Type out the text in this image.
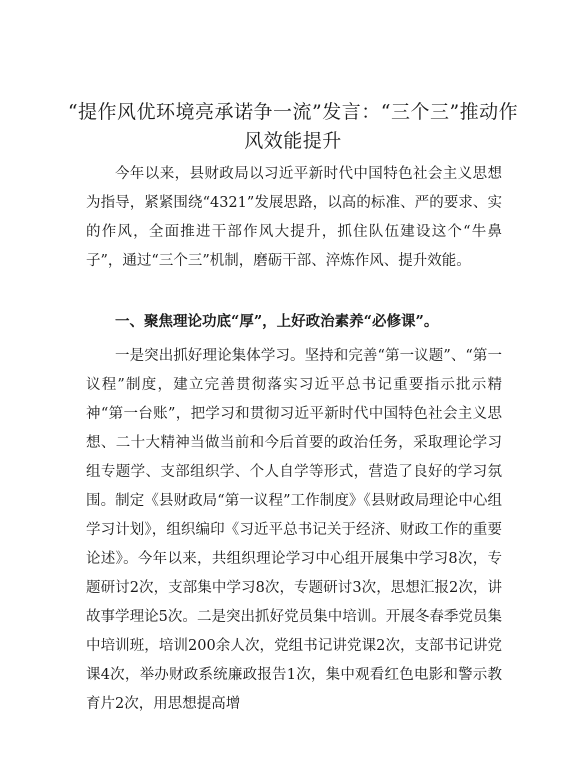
“提作风优环境亮承诺争一流”发言：“三个三”推动作风效能提升

今年以来，县财政局以习近平新时代中国特色社会主义思想为指导，紧紧围绕“4321”发展思路，以高的标准、严的要求、实的作风，全面推进干部作风大提升，抓住队伍建设这个“牛鼻子”，通过“三个三”机制，磨砺干部、淬炼作风、提升效能。

一、聚焦理论功底“厚”，上好政治素养“必修课”。

一是突出抓好理论集体学习。坚持和完善“第一议题”、“第一议程”制度，建立完善贯彻落实习近平总书记重要指示批示精神“第一台账”，把学习和贯彻习近平新时代中国特色社会主义思想、二十大精神当做当前和今后首要的政治任务，采取理论学习组专题学、支部组织学、个人自学等形式，营造了良好的学习氛围。制定《县财政局“第一议程”工作制度》《县财政局理论中心组学习计划》，组织编印《习近平总书记关于经济、财政工作的重要论述》。今年以来，共组织理论学习中心组开展集中学习8次，专题研讨2次，支部集中学习8次，专题研讨3次，思想汇报2次，讲故事学理论5次。二是突出抓好党员集中培训。开展冬春季党员集中培训班，培训200余人次，党组书记讲党课2次，支部书记讲党课4次，举办财政系统廉政报告1次，集中观看红色电影和警示教育片2次，用思想提高增
